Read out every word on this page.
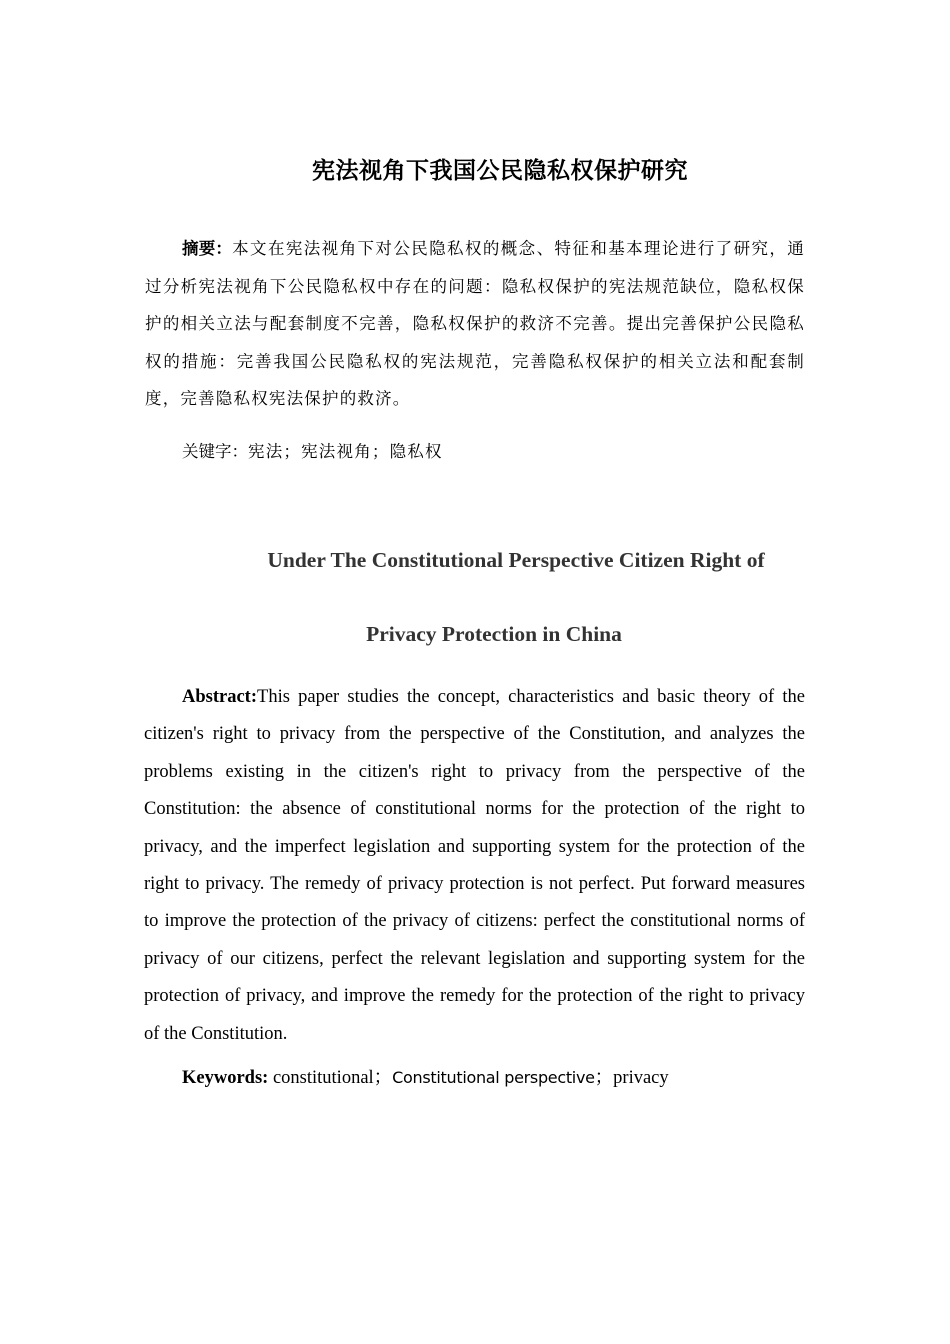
宪法视角下我国公民隐私权保护研究

摘要：本文在宪法视角下对公民隐私权的概念、特征和基本理论进行了研究，通过分析宪法视角下公民隐私权中存在的问题：隐私权保护的宪法规范缺位，隐私权保护的相关立法与配套制度不完善，隐私权保护的救济不完善。提出完善保护公民隐私权的措施：完善我国公民隐私权的宪法规范，完善隐私权保护的相关立法和配套制度，完善隐私权宪法保护的救济。

关键字：宪法；宪法视角；隐私权
Under The Constitutional Perspective Citizen Right of
Privacy Protection in China

Abstract:This paper studies the concept, characteristics and basic theory of the citizen's right to privacy from the perspective of the Constitution, and analyzes the problems existing in the citizen's right to privacy from the perspective of the Constitution: the absence of constitutional norms for the protection of the right to privacy, and the imperfect legislation and supporting system for the protection of the right to privacy. The remedy of privacy protection is not perfect. Put forward measures to improve the protection of the privacy of citizens: perfect the constitutional norms of privacy of our citizens, perfect the relevant legislation and supporting system for the protection of privacy, and improve the remedy for the protection of the right to privacy of the Constitution.

Keywords: constitutional；Constitutional perspective；privacy
